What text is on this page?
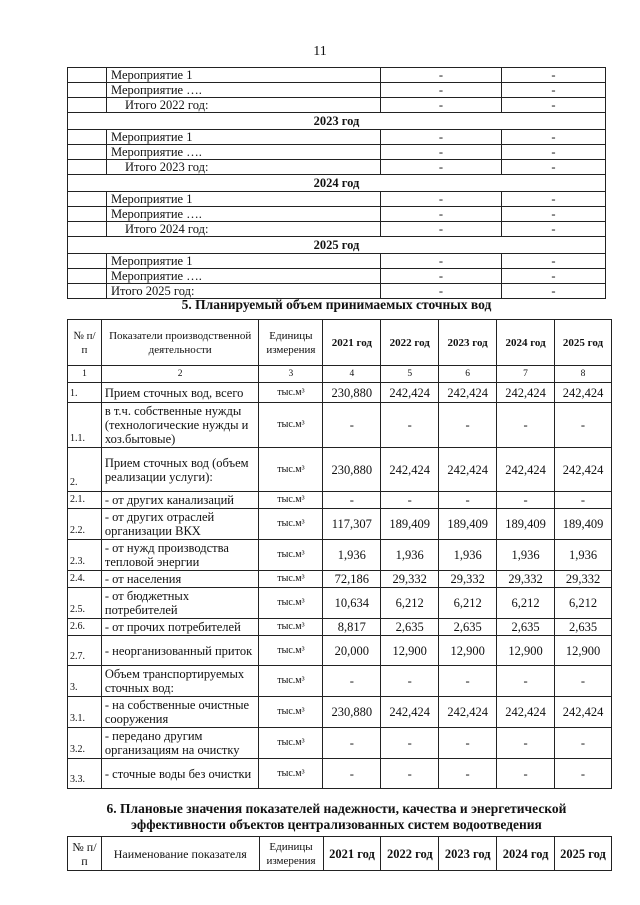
11
	Мероприятие 1	-	-
	Мероприятие ….	-	-
	Итого 2022 год:	-	-
2023 год			
	Мероприятие 1	-	-
	Мероприятие ….	-	-
	Итого 2023 год:	-	-
2024 год			
	Мероприятие 1	-	-
	Мероприятие ….	-	-
	Итого 2024 год:	-	-
2025 год			
	Мероприятие 1	-	-
	Мероприятие ….	-	-
	Итого 2025 год:	-	-
5. Планируемый объем принимаемых сточных вод
№ п/п	Показатели производственной деятельности	Единицы измерения	2021 год	2022 год	2023 год	2024 год	2025 год
1	2	3	4	5	6	7	8
1.	Прием сточных вод, всего	тыс.м³	230,880	242,424	242,424	242,424	242,424
1.1.	в т.ч. собственные нужды (технологические нужды и хоз.бытовые)	тыс.м³	-	-	-	-	-
2.	Прием сточных вод (объем реализации услуги):	тыс.м³	230,880	242,424	242,424	242,424	242,424
2.1.	- от других канализаций	тыс.м³	-	-	-	-	-
2.2.	- от других отраслей организации ВКХ	тыс.м³	117,307	189,409	189,409	189,409	189,409
2.3.	- от нужд производства тепловой энергии	тыс.м³	1,936	1,936	1,936	1,936	1,936
2.4.	- от населения	тыс.м³	72,186	29,332	29,332	29,332	29,332
2.5.	- от бюджетных потребителей	тыс.м³	10,634	6,212	6,212	6,212	6,212
2.6.	- от прочих потребителей	тыс.м³	8,817	2,635	2,635	2,635	2,635
2.7.	- неорганизованный приток	тыс.м³	20,000	12,900	12,900	12,900	12,900
3.	Объем транспортируемых сточных вод:	тыс.м³	-	-	-	-	-
3.1.	- на собственные очистные сооружения	тыс.м³	230,880	242,424	242,424	242,424	242,424
3.2.	- передано другим организациям на очистку	тыс.м³	-	-	-	-	-
3.3.	- сточные воды без очистки	тыс.м³	-	-	-	-	-
6. Плановые значения показателей надежности, качества и энергетической эффективности объектов централизованных систем водоотведения
№ п/п	Наименование показателя	Единицы измерения	2021 год	2022 год	2023 год	2024 год	2025 год
